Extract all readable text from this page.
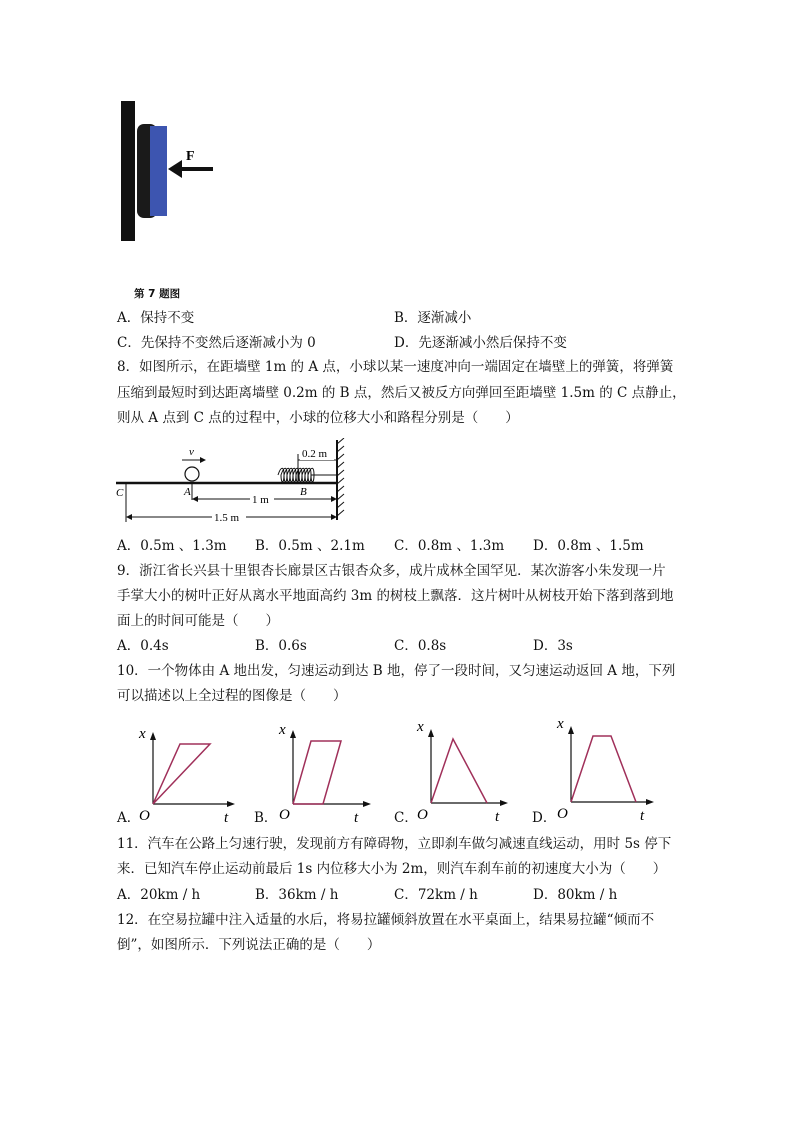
F
第 7 题图
A．保持不变	B．逐渐减小
C．先保持不变然后逐渐减小为 0	D．先逐渐减小然后保持不变
8．如图所示，在距墙壁 1m 的 A 点，小球以某一速度冲向一端固定在墙壁上的弹簧，将弹簧
压缩到最短时到达距离墙壁 0.2m 的 B 点，然后又被反方向弹回至距墙壁 1.5m 的 C 点静止，
则从 A 点到 C 点的过程中，小球的位移大小和路程分别是（　　）
v	0.2 m
A	B
C
1 m
1.5 m
A．0.5m 、1.3m B．0.5m 、2.1m C．0.8m 、1.3m D．0.8m 、1.5m
9．浙江省长兴县十里银杏长廊景区古银杏众多，成片成林全国罕见．某次游客小朱发现一片
手掌大小的树叶正好从离水平地面高约 3m 的树枝上飘落．这片树叶从树枝开始下落到落到地
面上的时间可能是（　　）
A．0.4s	B．0.6s	C．0.8s	D．3s
10．一个物体由 A 地出发，匀速运动到达 B 地，停了一段时间，又匀速运动返回 A 地，下列
可以描述以上全过程的图像是（　　）
A．
x
t
O	B．
x
t
O	C．
x
t
O	D．
x
t
O
11．汽车在公路上匀速行驶，发现前方有障碍物，立即刹车做匀减速直线运动，用时 5s 停下
来．已知汽车停止运动前最后 1s 内位移大小为 2m，则汽车刹车前的初速度大小为（　　）
A．20km / h	B．36km / h	C．72km / h	D．80km / h
12．在空易拉罐中注入适量的水后，将易拉罐倾斜放置在水平桌面上，结果易拉罐“倾而不
倒”，如图所示．下列说法正确的是（　　）
